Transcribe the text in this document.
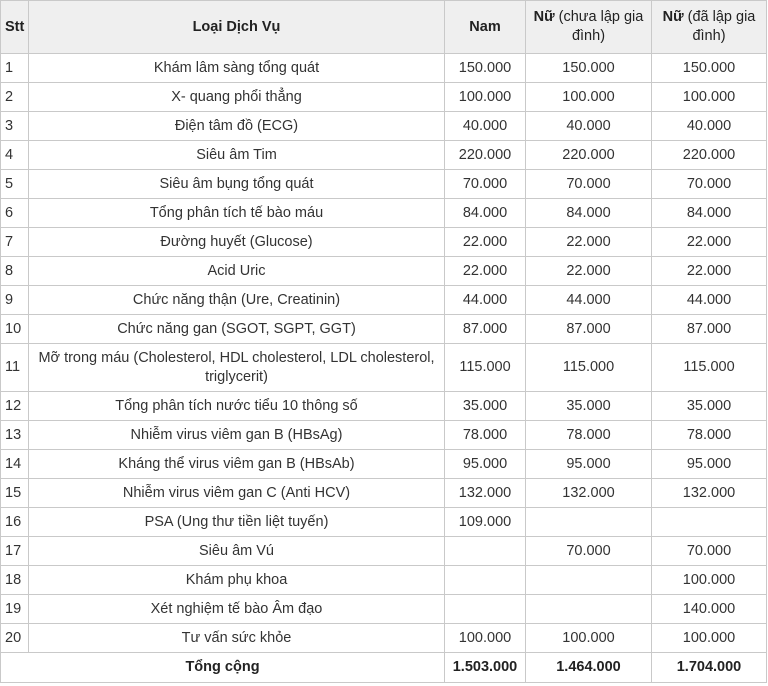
Stt	Loại Dịch Vụ	Nam	Nữ (chưa lập gia đình)	Nữ (đã lập gia đình)
1	Khám lâm sàng tổng quát	150.000	150.000	150.000
2	X- quang phổi thẳng	100.000	100.000	100.000
3	Điện tâm đồ (ECG)	40.000	40.000	40.000
4	Siêu âm Tim	220.000	220.000	220.000
5	Siêu âm bụng tổng quát	70.000	70.000	70.000
6	Tổng phân tích tế bào máu	84.000	84.000	84.000
7	Đường huyết (Glucose)	22.000	22.000	22.000
8	Acid Uric	22.000	22.000	22.000
9	Chức năng thận (Ure, Creatinin)	44.000	44.000	44.000
10	Chức năng gan (SGOT, SGPT, GGT)	87.000	87.000	87.000
11	Mỡ trong máu (Cholesterol, HDL cholesterol, LDL cholesterol, triglycerit)	115.000	115.000	115.000
12	Tổng phân tích nước tiểu 10 thông số	35.000	35.000	35.000
13	Nhiễm virus viêm gan B (HBsAg)	78.000	78.000	78.000
14	Kháng thể virus viêm gan B (HBsAb)	95.000	95.000	95.000
15	Nhiễm virus viêm gan C (Anti HCV)	132.000	132.000	132.000
16	PSA (Ung thư tiền liệt tuyến)	109.000		
17	Siêu âm Vú		70.000	70.000
18	Khám phụ khoa			100.000
19	Xét nghiệm tế bào Âm đạo			140.000
20	Tư vấn sức khỏe	100.000	100.000	100.000
Tổng cộng		1.503.000	1.464.000	1.704.000
